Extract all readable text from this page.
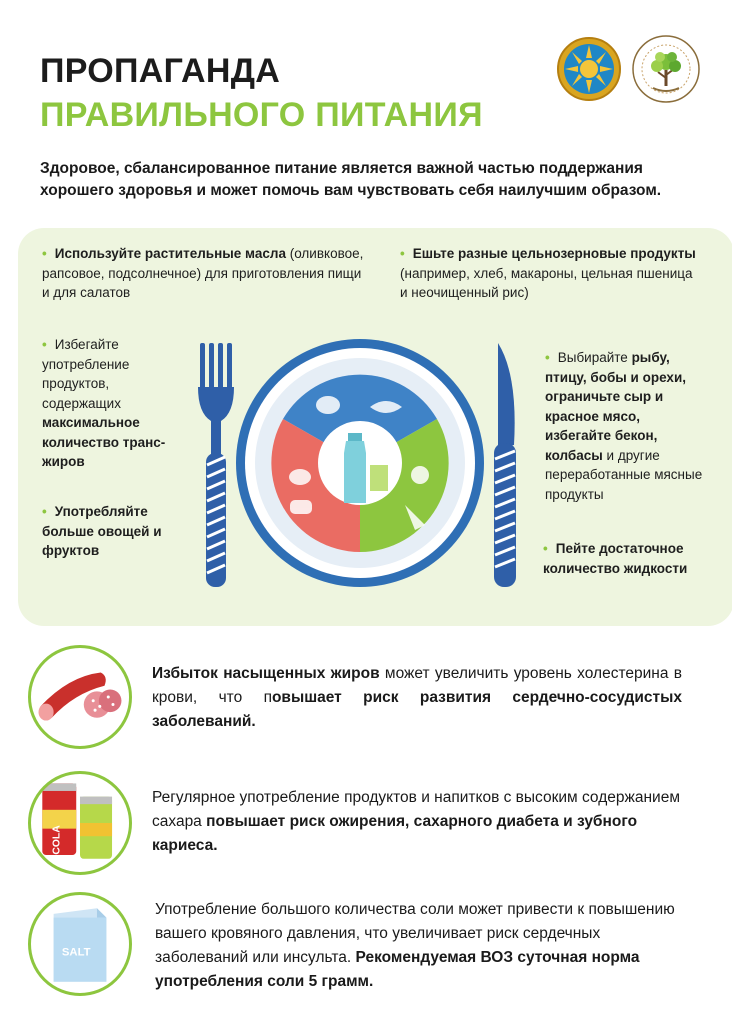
ПРОПАГАНДА
ПРАВИЛЬНОГО ПИТАНИЯ
Здоровое, сбалансированное питание является важной частью поддержания хорошего здоровья и может помочь вам чувствовать себя наилучшим образом.
• Используйте растительные масла (оливковое, рапсовое, подсолнечное) для приготовления пищи и для салатов
• Ешьте разные цельнозерновые продукты (например, хлеб, макароны, цельная пшеница и неочищенный рис)
• Избегайте употребление продуктов, содержащих максимальное количество транс-жиров
• Употребляйте больше овощей и фруктов
• Выбирайте рыбу, птицу, бобы и орехи, ограничьте сыр и красное мясо, избегайте бекон, колбасы и другие переработанные мясные продукты
• Пейте достаточное количество жидкости
Избыток насыщенных жиров может увеличить уровень холестерина в крови, что повышает риск развития сердечно-сосудистых заболеваний.
COLA
Регулярное употребление продуктов и напитков с высоким содержанием сахара повышает риск ожирения, сахарного диабета и зубного кариеса.
SALT
Употребление большого количества соли может привести к повышению вашего кровяного давления, что увеличивает риск сердечных заболеваний или инсульта. Рекомендуемая ВОЗ суточная норма употребления соли 5 грамм.
